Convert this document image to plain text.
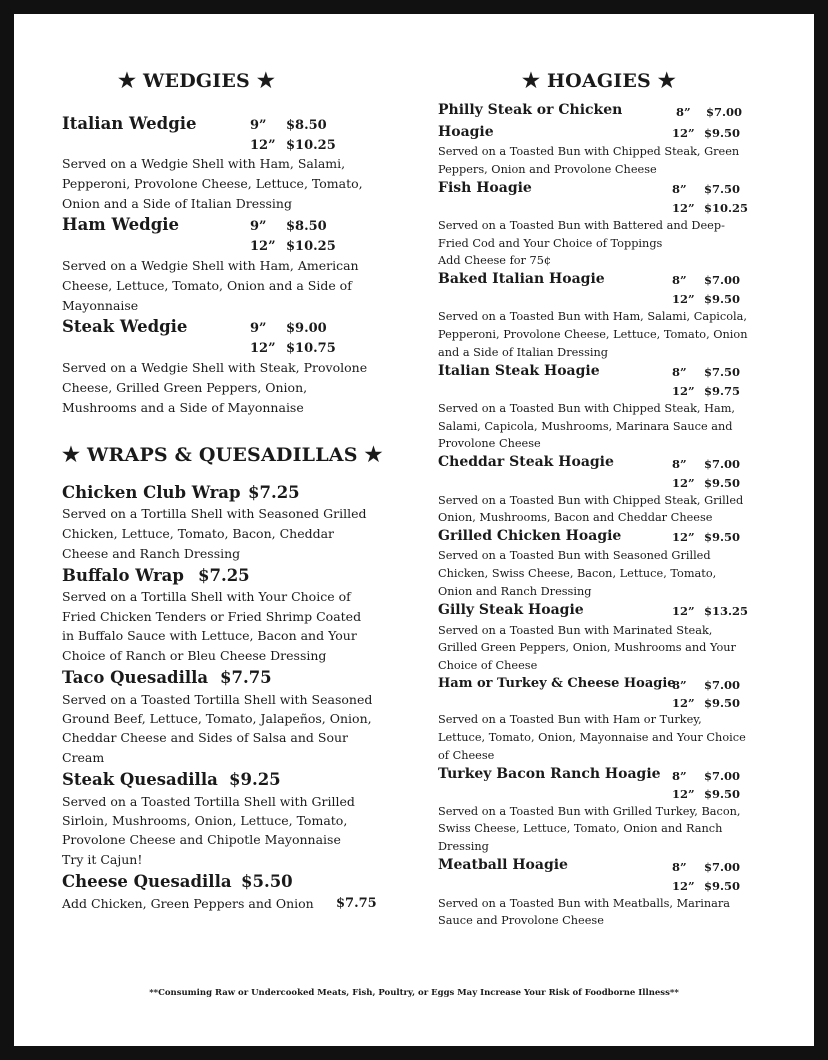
★ WEDGIES ★
Italian Wedgie	9” $8.50
12” $10.25
Served on a Wedgie Shell with Ham, Salami,
Pepperoni, Provolone Cheese, Lettuce, Tomato,
Onion and a Side of Italian Dressing
Ham Wedgie	9” $8.50
12” $10.25
Served on a Wedgie Shell with Ham, American
Cheese, Lettuce, Tomato, Onion and a Side of
Mayonnaise
Steak Wedgie	9” $9.00
12” $10.75
Served on a Wedgie Shell with Steak, Provolone
Cheese, Grilled Green Peppers, Onion,
Mushrooms and a Side of Mayonnaise
★ WRAPS & QUESADILLAS ★
Chicken Club Wrap $7.25
Served on a Tortilla Shell with Seasoned Grilled
Chicken, Lettuce, Tomato, Bacon, Cheddar
Cheese and Ranch Dressing
Buffalo Wrap $7.25
Served on a Tortilla Shell with Your Choice of
Fried Chicken Tenders or Fried Shrimp Coated
in Buffalo Sauce with Lettuce, Bacon and Your
Choice of Ranch or Bleu Cheese Dressing
Taco Quesadilla $7.75
Served on a Toasted Tortilla Shell with Seasoned
Ground Beef, Lettuce, Tomato, Jalapeños, Onion,
Cheddar Cheese and Sides of Salsa and Sour
Cream
Steak Quesadilla $9.25
Served on a Toasted Tortilla Shell with Grilled
Sirloin, Mushrooms, Onion, Lettuce, Tomato,
Provolone Cheese and Chipotle Mayonnaise
Try it Cajun!
Cheese Quesadilla $5.50
Add Chicken, Green Peppers and Onion $7.75
★ HOAGIES ★
Philly Steak or Chicken
Hoagie
8” $7.00
12” $9.50
Served on a Toasted Bun with Chipped Steak, Green
Peppers, Onion and Provolone Cheese
Fish Hoagie	8” $7.50
12” $10.25
Served on a Toasted Bun with Battered and Deep-
Fried Cod and Your Choice of Toppings
Add Cheese for 75¢
Baked Italian Hoagie	8” $7.00
12” $9.50
Served on a Toasted Bun with Ham, Salami, Capicola,
Pepperoni, Provolone Cheese, Lettuce, Tomato, Onion
and a Side of Italian Dressing
Italian Steak Hoagie	8” $7.50
12” $9.75
Served on a Toasted Bun with Chipped Steak, Ham,
Salami, Capicola, Mushrooms, Marinara Sauce and
Provolone Cheese
Cheddar Steak Hoagie	8” $7.00
12” $9.50
Served on a Toasted Bun with Chipped Steak, Grilled
Onion, Mushrooms, Bacon and Cheddar Cheese
Grilled Chicken Hoagie	12” $9.50
Served on a Toasted Bun with Seasoned Grilled
Chicken, Swiss Cheese, Bacon, Lettuce, Tomato,
Onion and Ranch Dressing
Gilly Steak Hoagie	12” $13.25
Served on a Toasted Bun with Marinated Steak,
Grilled Green Peppers, Onion, Mushrooms and Your
Choice of Cheese
Ham or Turkey & Cheese Hoagie
8” $7.00
12” $9.50
Served on a Toasted Bun with Ham or Turkey,
Lettuce, Tomato, Onion, Mayonnaise and Your Choice
of Cheese
Turkey Bacon Ranch Hoagie 8” $7.00
12” $9.50
Served on a Toasted Bun with Grilled Turkey, Bacon,
Swiss Cheese, Lettuce, Tomato, Onion and Ranch
Dressing
Meatball Hoagie	8” $7.00
12” $9.50
Served on a Toasted Bun with Meatballs, Marinara
Sauce and Provolone Cheese
**Consuming Raw or Undercooked Meats, Fish, Poultry, or Eggs May Increase Your Risk of Foodborne Illness**
